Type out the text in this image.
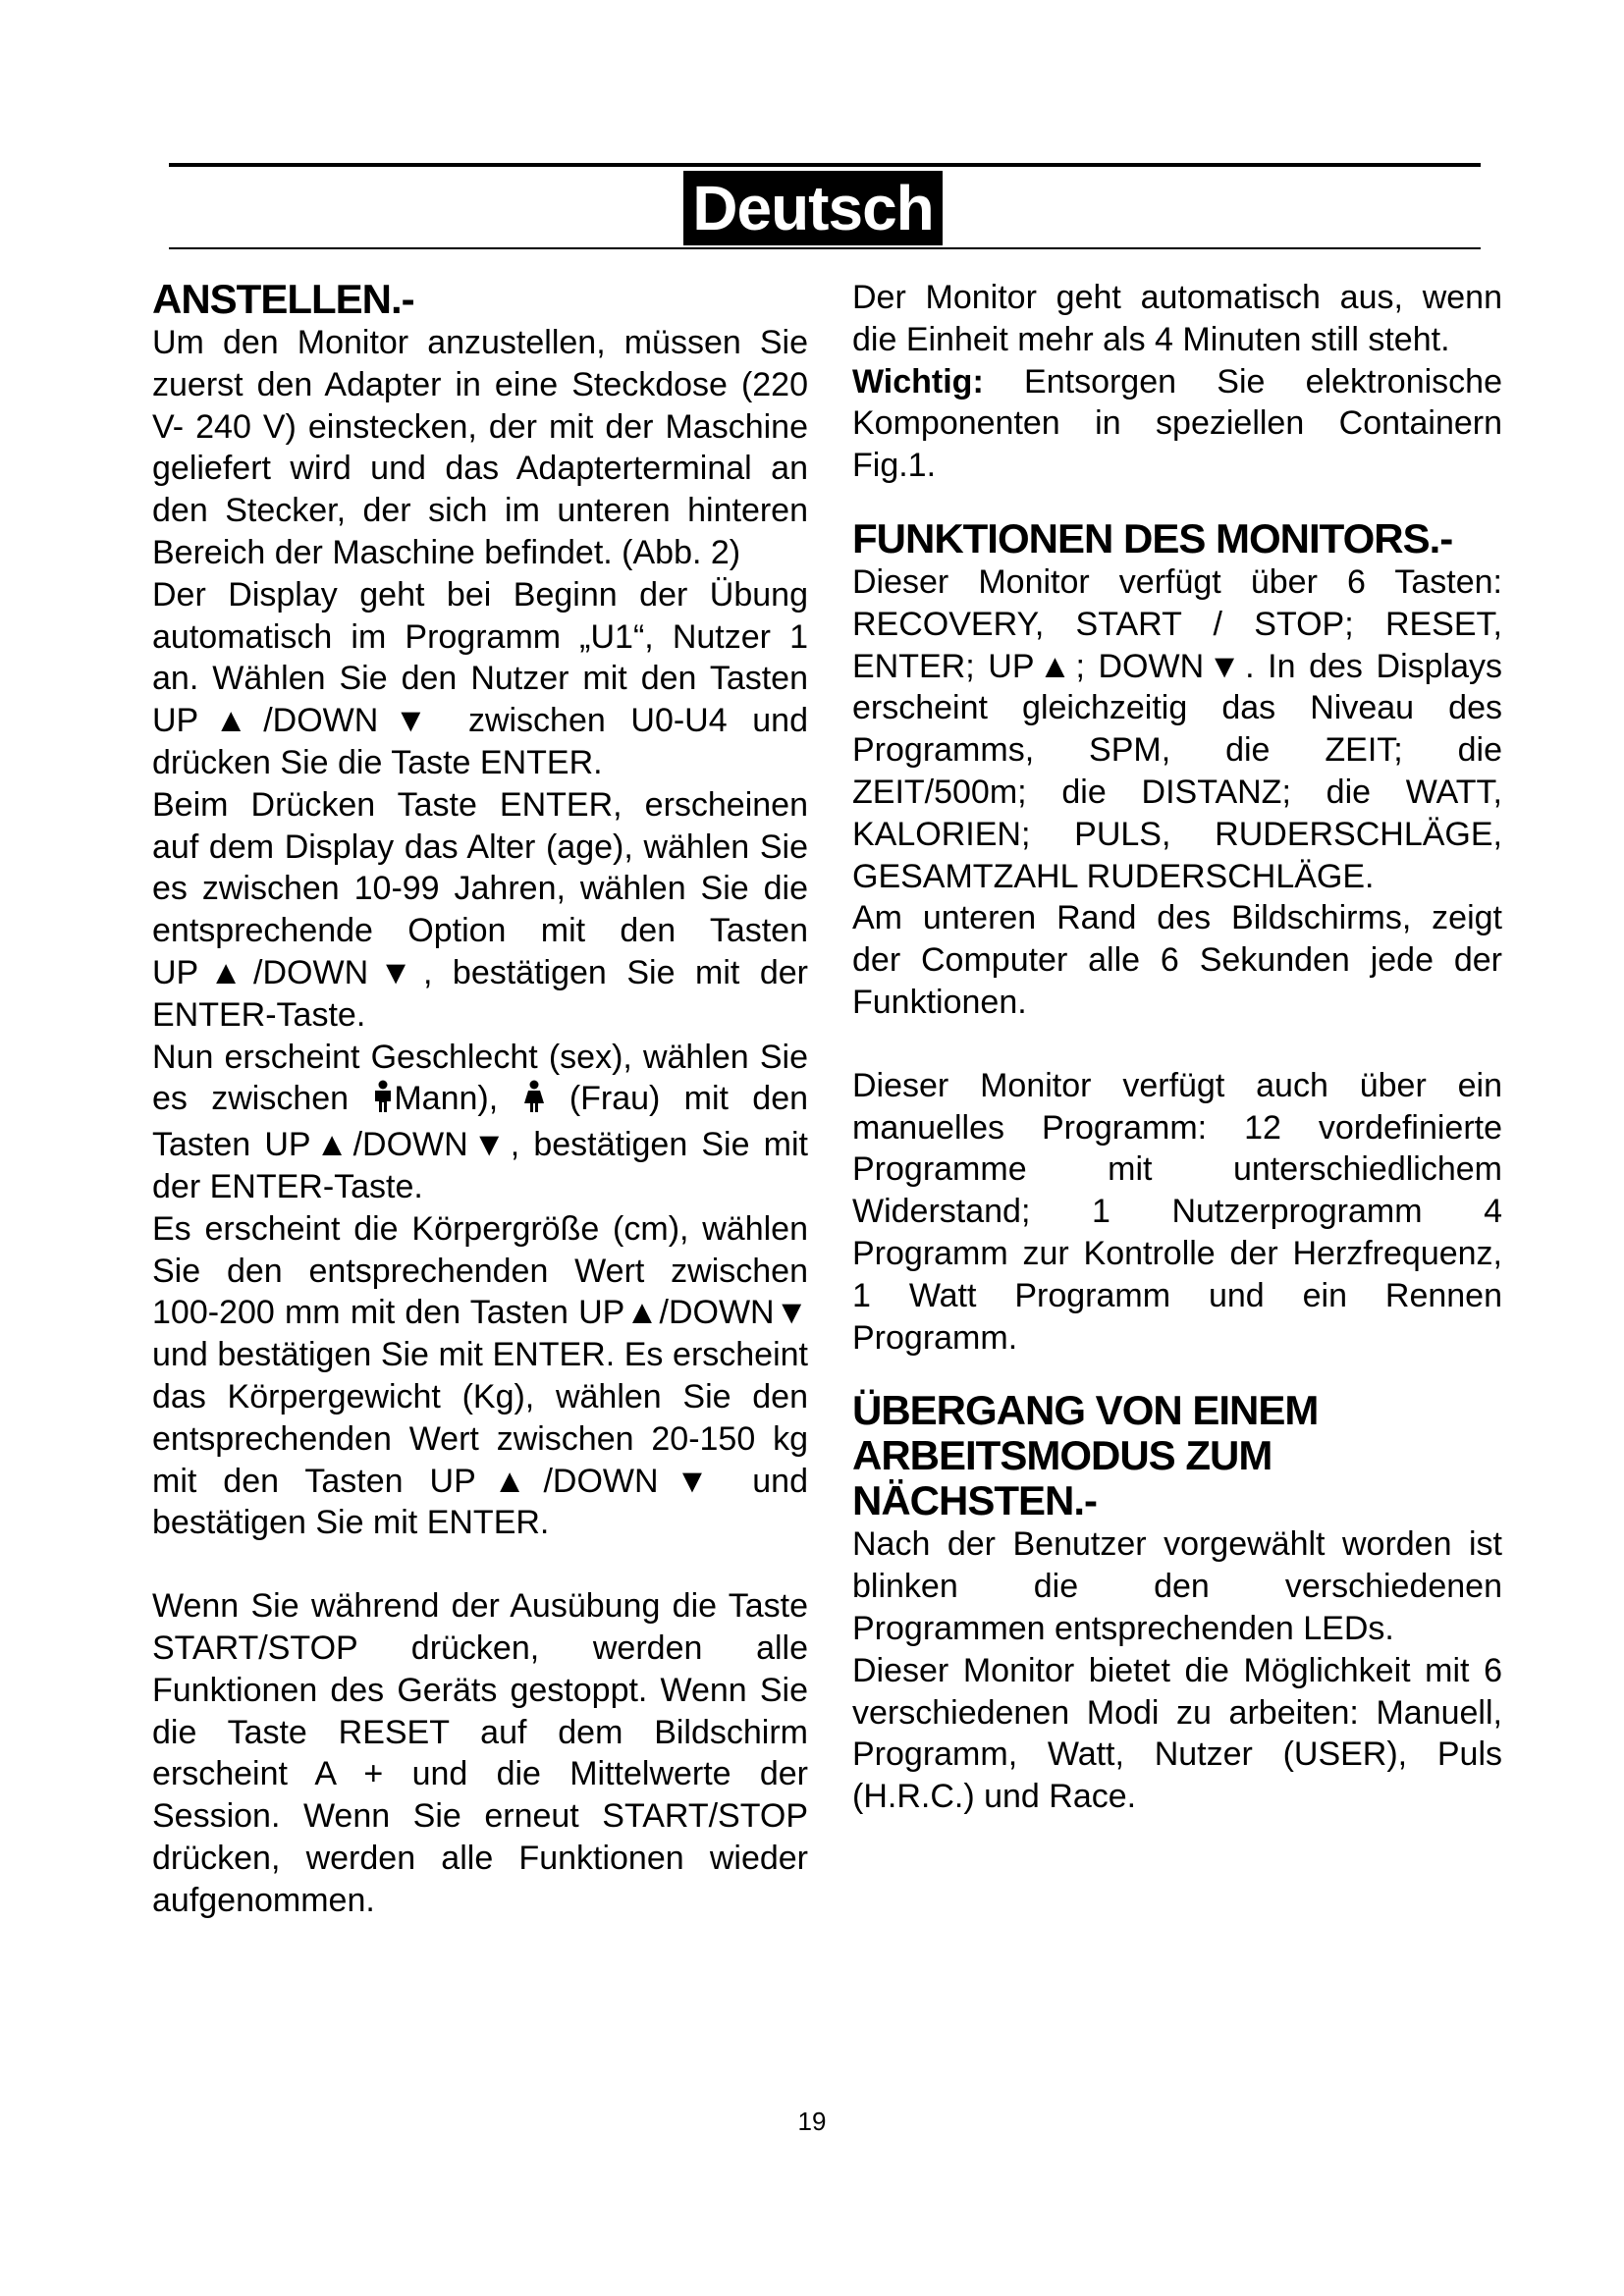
Deutsch
ANSTELLEN.-

Um den Monitor anzustellen, müssen Sie zuerst den Adapter in eine Steckdose (220 V- 240 V) einstecken, der mit der Maschine geliefert wird und das Adapterterminal an den Stecker, der sich im unteren hinteren Bereich der Maschine befindet. (Abb. 2)

Der Display geht bei Beginn der Übung automatisch im Programm „U1“, Nutzer 1 an. Wählen Sie den Nutzer mit den Tasten UP▲/DOWN▼ zwischen U0-U4 und drücken Sie die Taste ENTER.

Beim Drücken Taste ENTER, erscheinen auf dem Display das Alter (age), wählen Sie es zwischen 10-99 Jahren, wählen Sie die entsprechende Option mit den Tasten UP▲/DOWN▼, bestätigen Sie mit der ENTER-Taste.

Nun erscheint Geschlecht (sex), wählen Sie es zwischen Mann), (Frau) mit den Tasten UP▲/DOWN▼, bestätigen Sie mit der ENTER-Taste.

Es erscheint die Körpergröße (cm), wählen Sie den entsprechenden Wert zwischen 100-200 mm mit den Tasten UP▲/DOWN▼ und bestätigen Sie mit ENTER. Es erscheint das Körpergewicht (Kg), wählen Sie den entsprechenden Wert zwischen 20-150 kg mit den Tasten UP▲/DOWN▼ und bestätigen Sie mit ENTER.

Wenn Sie während der Ausübung die Taste START/STOP drücken, werden alle Funktionen des Geräts gestoppt. Wenn Sie die Taste RESET auf dem Bildschirm erscheint A + und die Mittelwerte der Session. Wenn Sie erneut START/STOP drücken, werden alle Funktionen wieder aufgenommen.

Der Monitor geht automatisch aus, wenn die Einheit mehr als 4 Minuten still steht.

Wichtig: Entsorgen Sie elektronische Komponenten in speziellen Containern Fig.1.

FUNKTIONEN DES MONITORS.-

Dieser Monitor verfügt über 6 Tasten: RECOVERY, START / STOP; RESET, ENTER; UP▲; DOWN▼. In des Displays erscheint gleichzeitig das Niveau des Programms, SPM, die ZEIT; die ZEIT/500m; die DISTANZ; die WATT, KALORIEN; PULS, RUDERSCHLÄGE, GESAMTZAHL RUDERSCHLÄGE.

Am unteren Rand des Bildschirms, zeigt der Computer alle 6 Sekunden jede der Funktionen.

Dieser Monitor verfügt auch über ein manuelles Programm: 12 vordefinierte Programme mit unterschiedlichem Widerstand; 1 Nutzerprogramm 4 Programm zur Kontrolle der Herzfrequenz, 1 Watt Programm und ein Rennen Programm.

ÜBERGANG VON EINEM ARBEITSMODUS ZUM NÄCHSTEN.-

Nach der Benutzer vorgewählt worden ist blinken die den verschiedenen Programmen entsprechenden LEDs.

Dieser Monitor bietet die Möglichkeit mit 6 verschiedenen Modi zu arbeiten: Manuell, Programm, Watt, Nutzer (USER), Puls (H.R.C.) und Race.

19
